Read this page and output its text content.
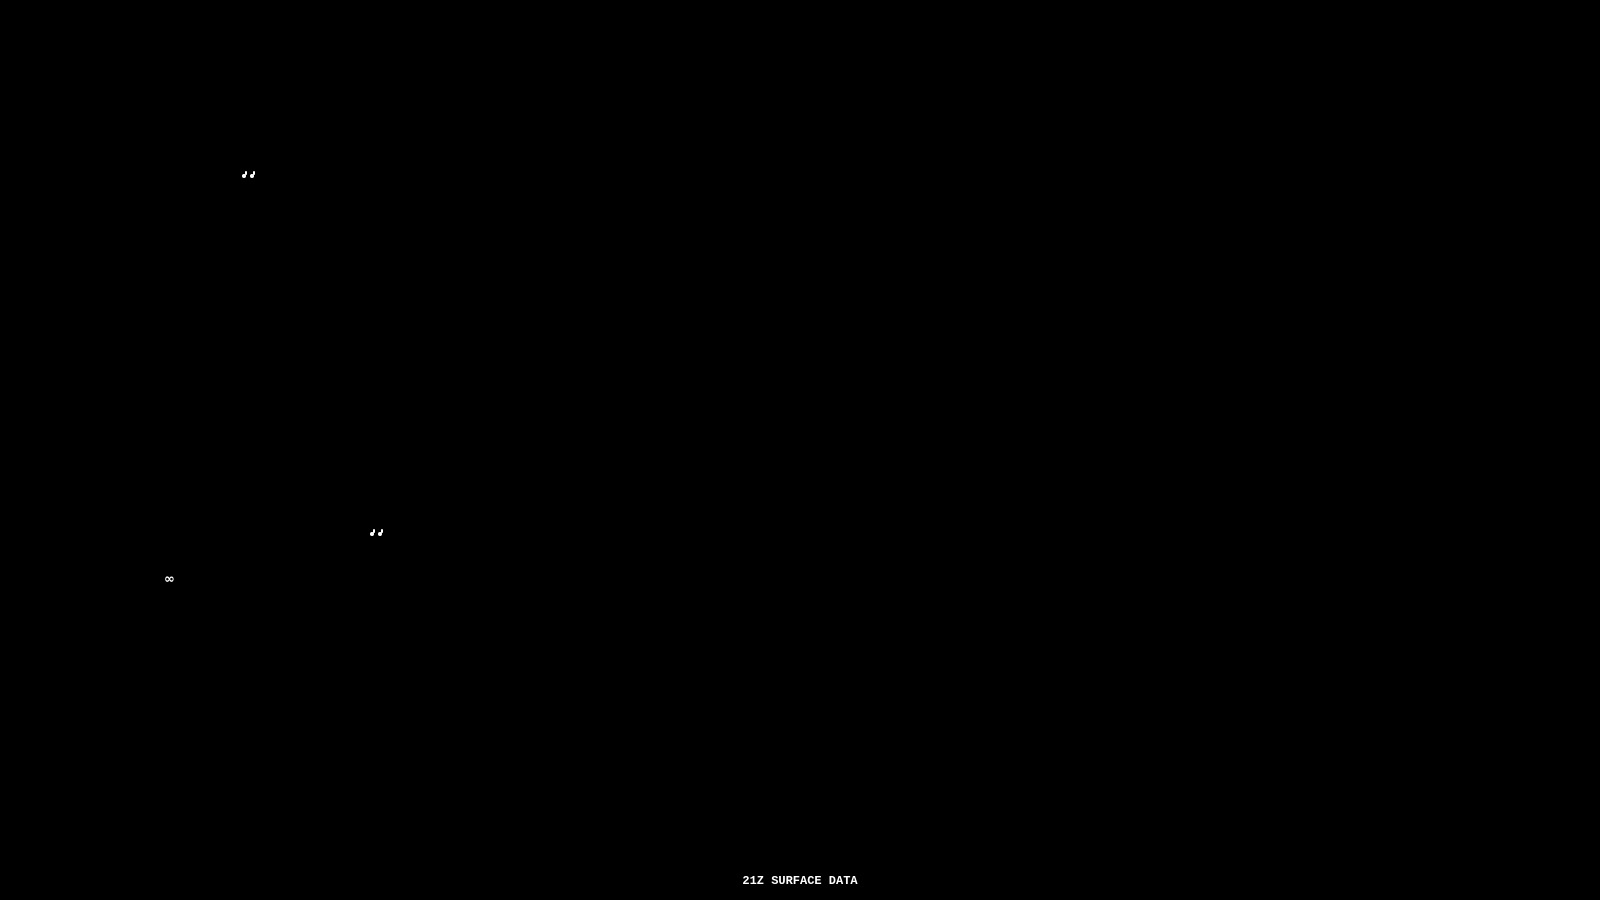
21Z SURFACE DATA
∞
